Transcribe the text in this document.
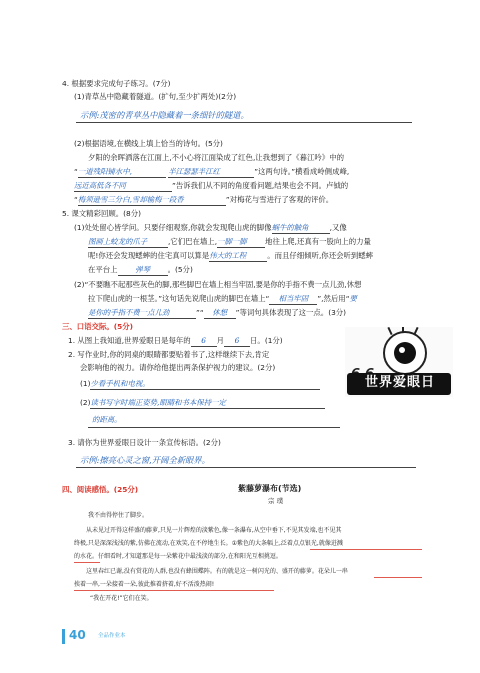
4. 根据要求完成句子练习。(7分)
(1)青草丛中隐藏着隧道。(扩句,至少扩两处)(2分)
示例:茂密的青草丛中隐藏着一条细针的隧道。
(2)根据语境,在横线上填上恰当的诗句。(5分)
夕阳的余晖洒落在江面上,不小心将江面染成了红色,让我想到了《暮江吟》中的
“一道残阳铺水中,	半江瑟瑟半江红	”这两句诗。”横看成岭侧成峰,
远近高低各不同	”告诉我们从不同的角度看问题,结果也会不同。卢钺的
“梅须逊雪三分白,雪却输梅一段香	”对梅花与雪进行了客观的评价。
5. 课文精彩回顾。(8分)
(1)处处留心皆学问。只要仔细观察,你就会发现爬山虎的脚像蜗牛的触角	,又像
图画上蛟龙的爪子	,它们巴在墙上,一脚一脚 地往上爬,还真有一股向上的力量
呢!你还会发现蟋蟀的住宅真可以算是伟大的工程	。而且仔细倾听,你还会听到蟋蟀
在平台上 弹琴 。(5分)
(2)“不要瞧不起那些灰色的脚,那些脚巴在墙上相当牢固,要是你的手指不费一点儿劲,休想
拉下爬山虎的一根茎。”这句话先说爬山虎的脚巴在墙上“ 相当牢固 ”,然后用“要
是你的手指不费一点儿劲	”“ 休想 ”等词句具体表现了这一点。(3分)
三、口语交际。(5分)
1. 从图上我知道,世界爱眼日是每年的 6 月 6 日。(1分)
2. 写作业时,你的同桌的眼睛都要贴着书了,这样继续下去,肯定
会影响他的视力。请你给他提出两条保护视力的建议。(2分)
(1)少看手机和电视。
(2)读书写字时端正姿势,眼睛和书本保持一定
的距离。
世界爱眼日
3. 请你为世界爱眼日设计一条宣传标语。(2分)
示例:擦亮心灵之窗,开阔全新眼界。
四、阅读感悟。(25分)	紫藤萝瀑布(节选)
宗 璞
我不由得停住了脚步。
从未见过开得这样盛的藤萝,只见一片辉煌的淡紫色,像一条瀑布,从空中垂下,不见其发端,也不见其
终极,只是深深浅浅的紫,仿佛在流动,在欢笑,在不停地生长。①紫色的大条幅上,泛着点点银光,就像迸溅
的水花。仔细看时,才知道那是每一朵紫花中最浅淡的部分,在和阳光互相挑逗。
这里春红已谢,没有赏花的人群,也没有蜂围蝶阵。有的就是这一树闪光的、盛开的藤萝。花朵儿一串
挨着一串,一朵接着一朵,彼此推着挤着,好不活泼热闹!
“我在开花!”它们在笑。
40 全品作业本
